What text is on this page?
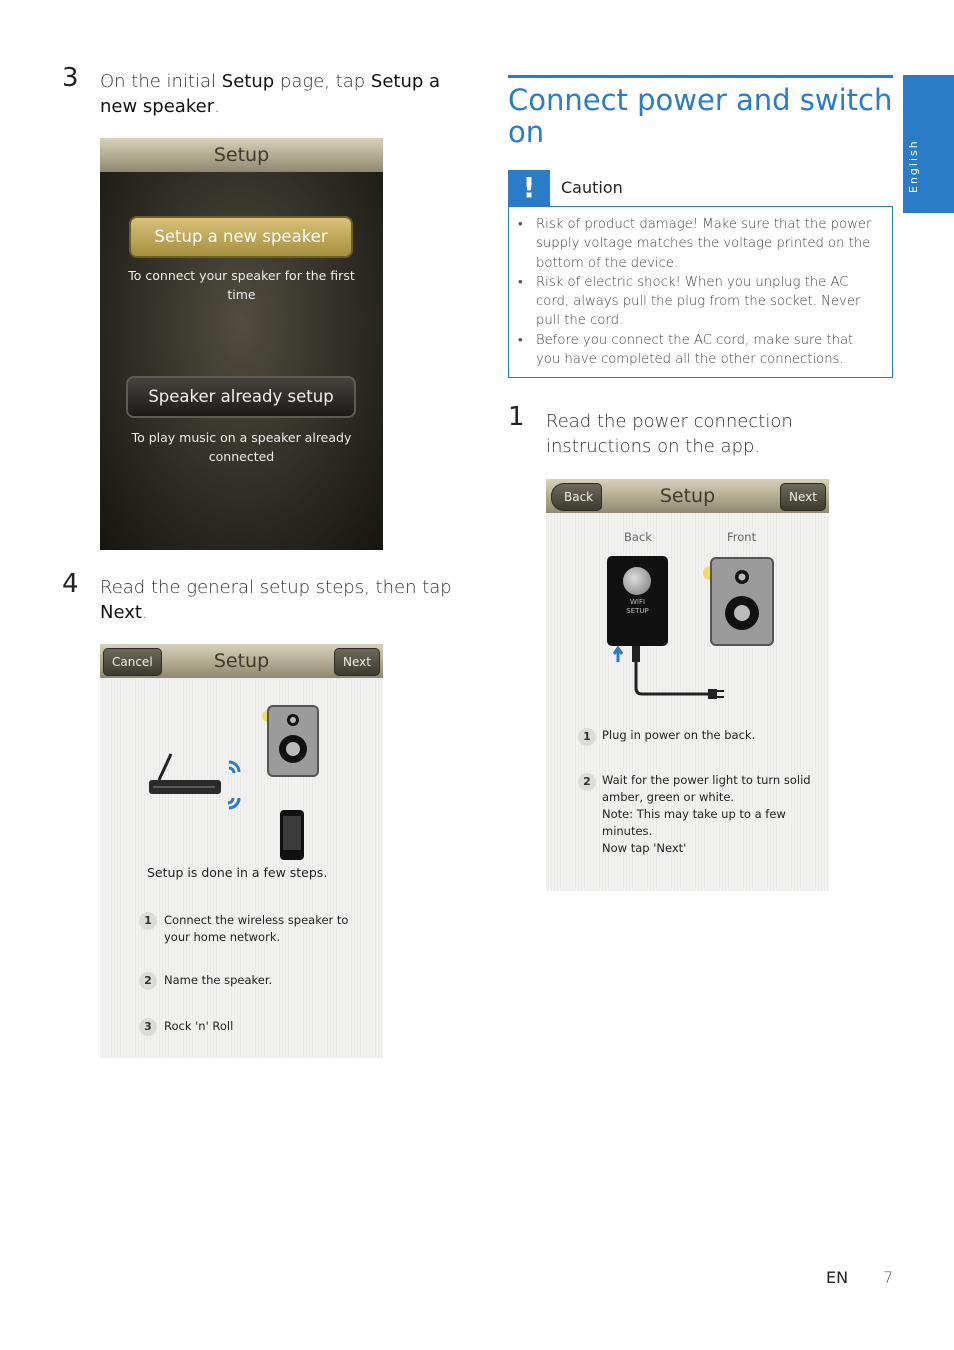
English
3 On the initial Setup page, tap Setup a new speaker.
Setup
Setup a new speaker
To connect your speaker for the first
time
Speaker already setup
To play music on a speaker already
connected
4 Read the general setup steps, then tap Next.
Setup
Cancel	Next
Setup is done in a few steps.
1	Connect the wireless speaker to
your home network.
2	Name the speaker.
3	Rock 'n' Roll
Connect power and switch
on
!	Caution
• Risk of product damage! Make sure that the power supply voltage matches the voltage printed on the bottom of the device.
• Risk of electric shock! When you unplug the AC cord, always pull the plug from the socket. Never pull the cord.
• Before you connect the AC cord, make sure that you have completed all the other connections.
1 Read the power connection instructions on the app.
Setup
Back	Next
Back	Front
WIFI
SETUP
1 Plug in power on the back.
2 Wait for the power light to turn solid
amber, green or white.
Note: This may take up to a few
minutes.
Now tap 'Next'
EN 7
